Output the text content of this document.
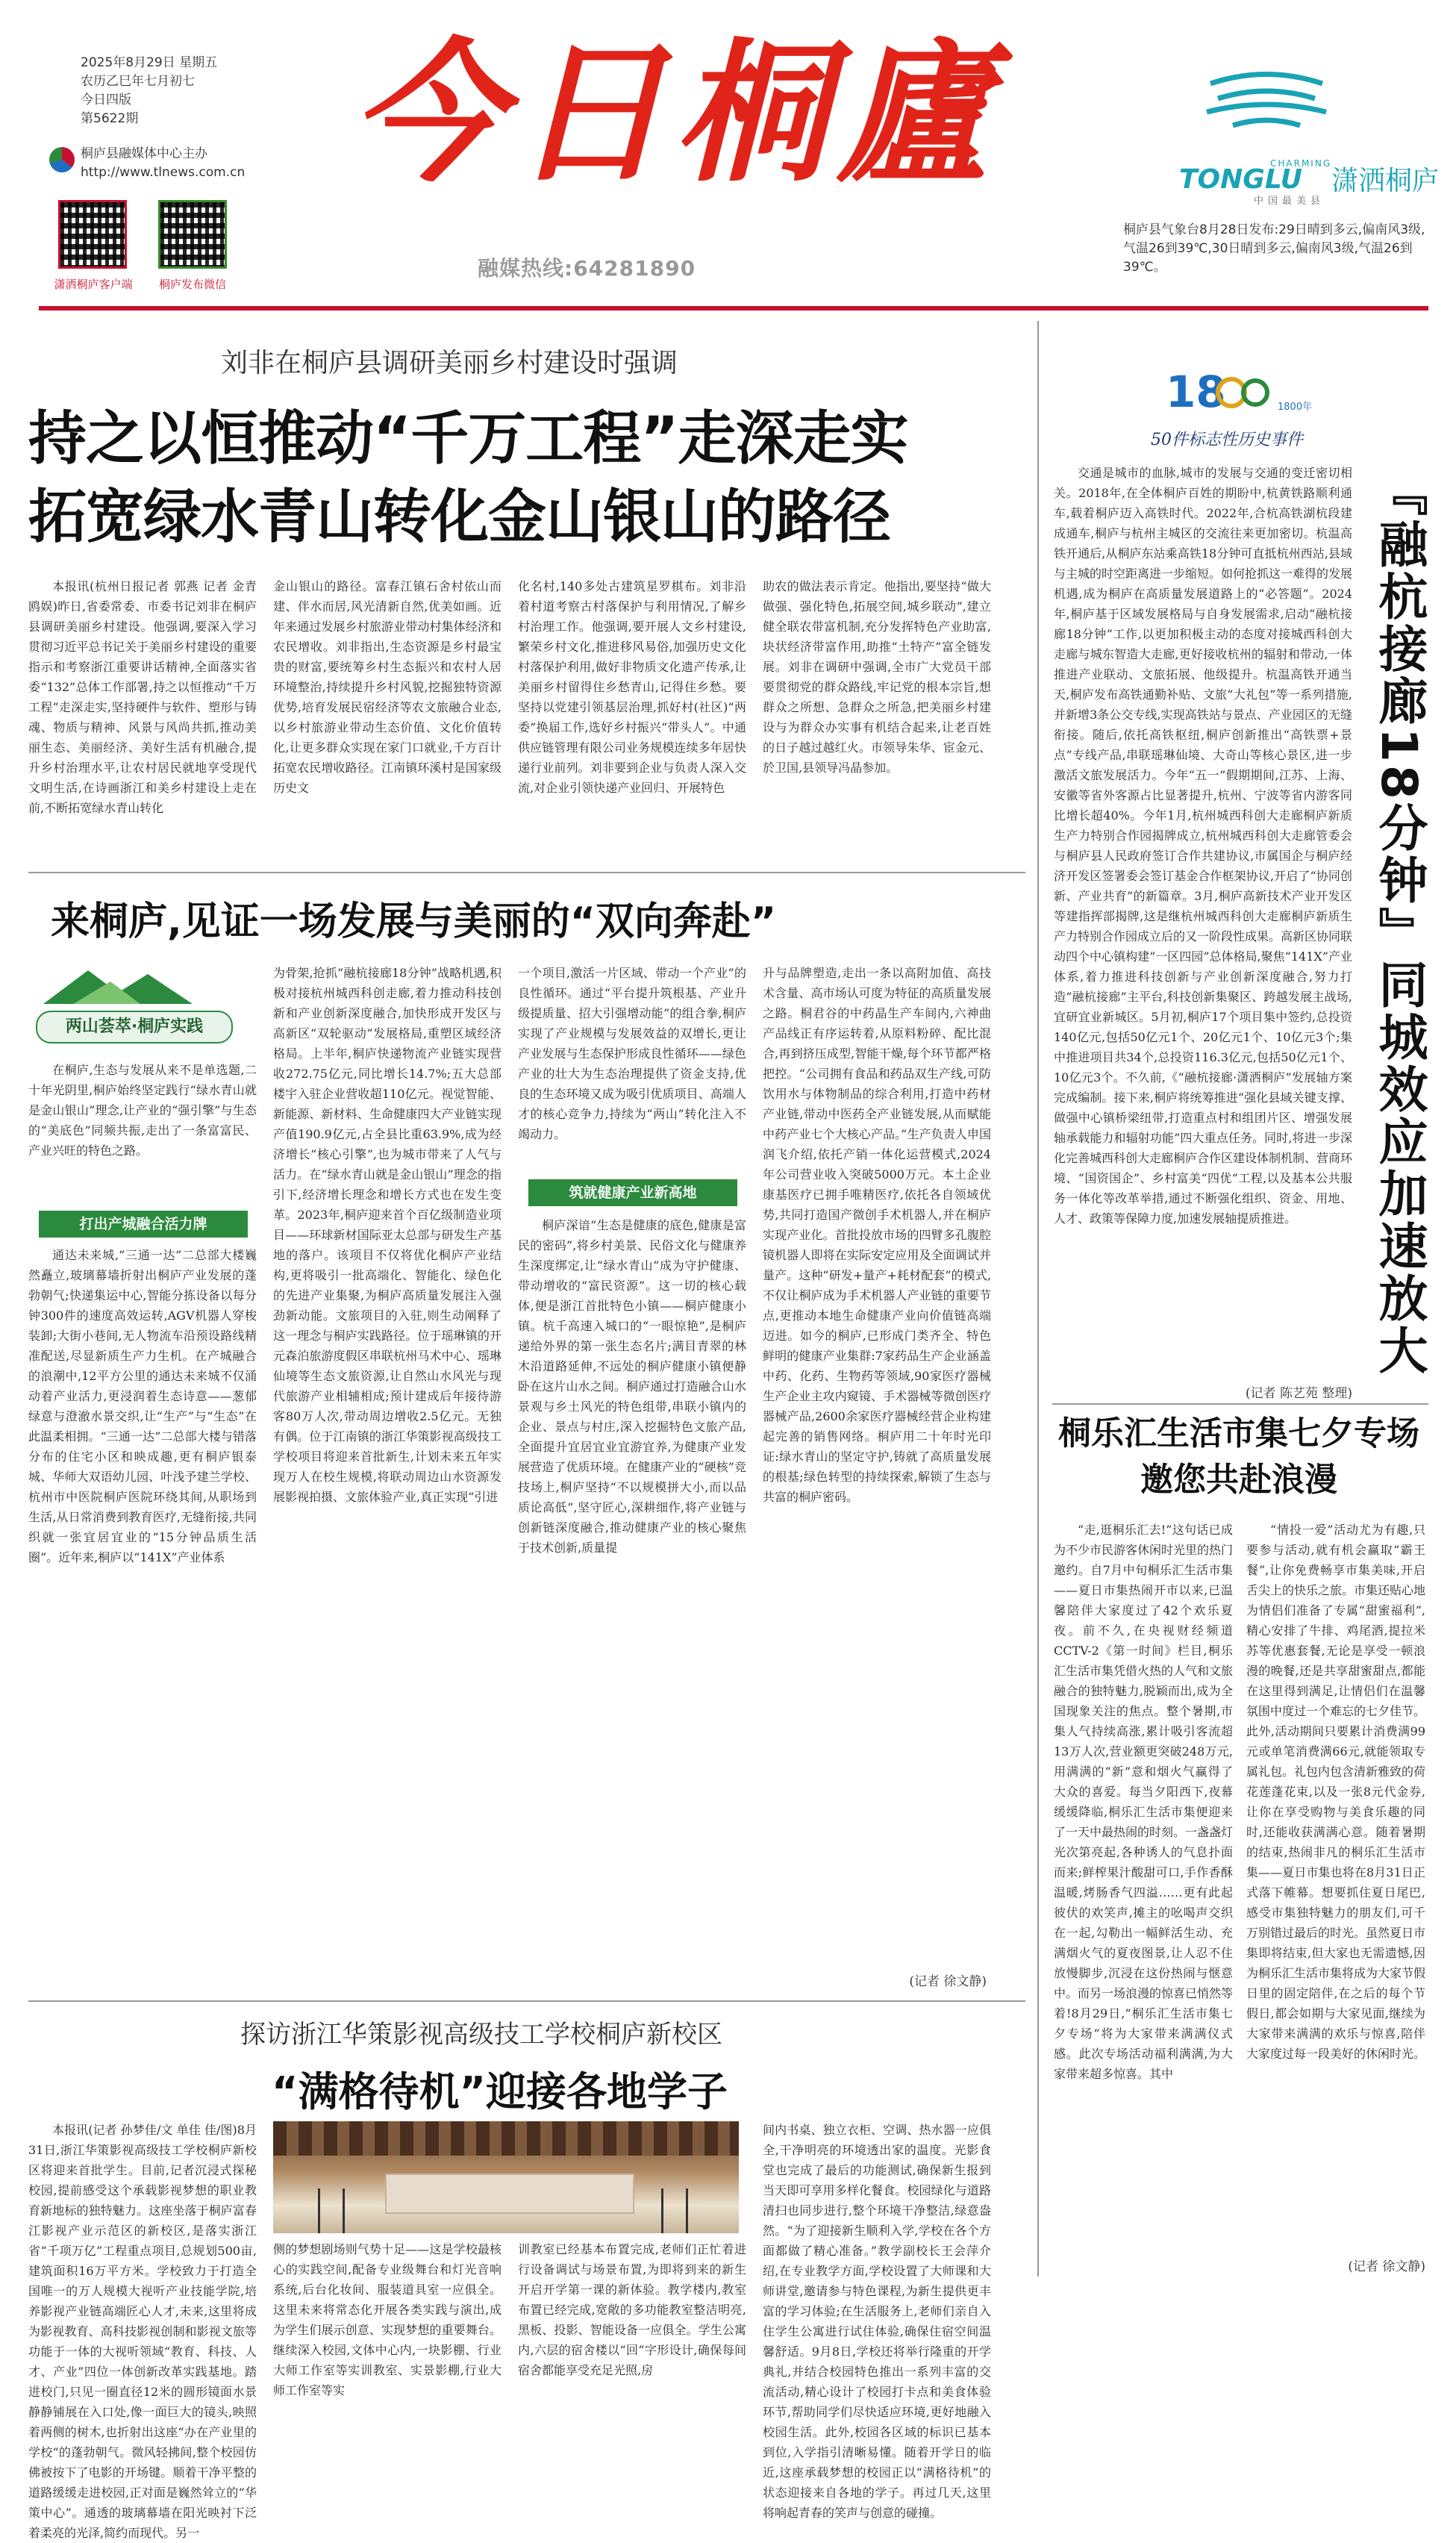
2025年8月29日 星期五
农历乙巳年七月初七
今日四版
第5622期
桐庐县融媒体中心主办
http://www.tlnews.com.cn
潇洒桐庐客户端	桐庐发布微信
今日桐廬
融媒热线:64281890
CHARMING
TONGLU 潇洒桐庐
中国最美县
桐庐县气象台8月28日发布:29日晴到多云,偏南风3级,气温26到39℃,30日晴到多云,偏南风3级,气温26到39℃。
刘非在桐庐县调研美丽乡村建设时强调
持之以恒推动“千万工程”走深走实
拓宽绿水青山转化金山银山的路径
本报讯(杭州日报记者 郭燕 记者 金青鸥娱)昨日,省委常委、市委书记刘非在桐庐县调研美丽乡村建设。他强调,要深入学习贯彻习近平总书记关于美丽乡村建设的重要指示和考察浙江重要讲话精神,全面落实省委“132”总体工作部署,持之以恒推动“千万工程”走深走实,坚持硬件与软件、塑形与铸魂、物质与精神、风景与风尚共抓,推动美丽生态、美丽经济、美好生活有机融合,提升乡村治理水平,让农村居民就地享受现代文明生活,在诗画浙江和美乡村建设上走在前,不断拓宽绿水青山转化
金山银山的路径。富春江镇石舍村依山而建、伴水而居,风光清新自然,优美如画。近年来通过发展乡村旅游业带动村集体经济和农民增收。刘非指出,生态资源是乡村最宝贵的财富,要统筹乡村生态振兴和农村人居环境整治,持续提升乡村风貌,挖掘独特资源优势,培育发展民宿经济等农文旅融合业态,以乡村旅游业带动生态价值、文化价值转化,让更多群众实现在家门口就业,千方百计拓宽农民增收路径。江南镇环溪村是国家级历史文
化名村,140多处古建筑星罗棋布。刘非沿着村道考察古村落保护与利用情况,了解乡村治理工作。他强调,要开展人文乡村建设,繁荣乡村文化,推进移风易俗,加强历史文化村落保护利用,做好非物质文化遗产传承,让美丽乡村留得住乡愁青山,记得住乡愁。要坚持以党建引领基层治理,抓好村(社区)“两委”换届工作,选好乡村振兴“带头人”。中通供应链管理有限公司业务规模连续多年居快递行业前列。刘非要到企业与负责人深入交流,对企业引领快递产业回归、开展特色
助农的做法表示肯定。他指出,要坚持“做大做强、强化特色,拓展空间,城乡联动”,建立健全联农带富机制,充分发挥特色产业助富,块状经济带富作用,助推“土特产”富全链发展。刘非在调研中强调,全市广大党员干部要贯彻党的群众路线,牢记党的根本宗旨,想群众之所想、急群众之所急,把美丽乡村建设与为群众办实事有机结合起来,让老百姓的日子越过越红火。市领导朱华、宦金元、於卫国,县领导冯晶参加。
来桐庐,见证一场发展与美丽的“双向奔赴”
两山荟萃·桐庐实践
在桐庐,生态与发展从来不是单选题,二十年光阴里,桐庐始终坚定践行“绿水青山就是金山银山”理念,让产业的“强引擎”与生态的“美底色”同频共振,走出了一条富富民、产业兴旺的特色之路。
打出产城融合活力牌
通达未来城,“三通一达”二总部大楼巍然矗立,玻璃幕墙折射出桐庐产业发展的蓬勃朝气;快递集运中心,智能分拣设备以每分钟300件的速度高效运转,AGV机器人穿梭装卸;大街小巷间,无人物流车沿预设路线精准配送,尽显新质生产力生机。在产城融合的浪潮中,12平方公里的通达未来城不仅涌动着产业活力,更浸润着生态诗意——葱郁绿意与澄澈水景交织,让“生产”与“生态”在此温柔相拥。“三通一达”二总部大楼与错落分布的住宅小区和映成趣,更有桐庐银泰城、华师大双语幼儿园、叶浅予建兰学校、杭州市中医院桐庐医院环绕其间,从职场到生活,从日常消费到教育医疗,无缝衔接,共同织就一张宜居宜业的“15分钟品质生活圈”。近年来,桐庐以“141X”产业体系
为骨架,抢抓“融杭接廊18分钟”战略机遇,积极对接杭州城西科创走廊,着力推动科技创新和产业创新深度融合,加快形成开发区与高新区“双轮驱动”发展格局,重塑区域经济格局。上半年,桐庐快递物流产业链实现营收272.75亿元,同比增长14.7%;五大总部楼宇入驻企业营收超110亿元。视觉智能、新能源、新材料、生命健康四大产业链实现产值190.9亿元,占全县比重63.9%,成为经济增长“核心引擎”,也为城市带来了人气与活力。在“绿水青山就是金山银山”理念的指引下,经济增长理念和增长方式也在发生变革。2023年,桐庐迎来首个百亿级制造业项目——环球新材国际亚太总部与研发生产基地的落户。该项目不仅将优化桐庐产业结构,更将吸引一批高端化、智能化、绿色化的先进产业集聚,为桐庐高质量发展注入强劲新动能。文旅项目的入驻,则生动阐释了这一理念与桐庐实践路径。位于瑶琳镇的开元森泊旅游度假区串联杭州马术中心、瑶琳仙境等生态文旅资源,让自然山水风光与现代旅游产业相辅相成;预计建成后年接待游客80万人次,带动周边增收2.5亿元。无独有偶。位于江南镇的浙江华策影视高级技工学校项目将迎来首批新生,计划未来五年实现万人在校生规模,将联动周边山水资源发展影视拍摄、文旅体验产业,真正实现“引进
一个项目,激活一片区域、带动一个产业”的良性循环。通过“平台提升筑根基、产业升级提质量、招大引强增动能”的组合拳,桐庐实现了产业规模与发展效益的双增长,更让产业发展与生态保护形成良性循环——绿色产业的壮大为生态治理提供了资金支持,优良的生态环境又成为吸引优质项目、高端人才的核心竞争力,持续为“两山”转化注入不竭动力。
筑就健康产业新高地
桐庐深谙“生态是健康的底色,健康是富民的密码”,将乡村美景、民俗文化与健康养生深度绑定,让“绿水青山”成为守护健康、带动增收的“富民资源”。这一切的核心载体,便是浙江首批特色小镇——桐庐健康小镇。杭千高速入城口的“一眼惊艳”,是桐庐递给外界的第一张生态名片;满目青翠的林木沿道路延伸,不远处的桐庐健康小镇便静卧在这片山水之间。桐庐通过打造融合山水景观与乡土风光的特色组带,串联小镇内的企业、景点与村庄,深入挖掘特色文旅产品,全面提升宜居宜业宜游宜养,为健康产业发展营造了优质环境。在健康产业的“硬核”竞技场上,桐庐坚持“不以规模拼大小,而以品质论高低”,坚守匠心,深耕细作,将产业链与创新链深度融合,推动健康产业的核心聚焦于技术创新,质量提
升与品牌塑造,走出一条以高附加值、高技术含量、高市场认可度为特征的高质量发展之路。桐君谷的中药晶生产车间内,六神曲产品线正有序运转着,从原料粉碎、配比混合,再到挤压成型,智能干燥,每个环节都严格把控。“公司拥有食品和药品双生产线,可防饮用水与体物制品的综合利用,打造中药材产业链,带动中医药全产业链发展,从而赋能中药产业七个大核心产品。”生产负责人申国润飞介绍,依托产销一体化运营模式,2024年公司营业收入突破5000万元。本土企业康基医疗已拥手唯精医疗,依托各自领域优势,共同打造国产微创手术机器人,并在桐庐实现产业化。首批投放市场的四臂多孔腹腔镜机器人即将在实际安定应用及全面调试并量产。这种“研发+量产+耗材配套”的模式,不仅让桐庐成为手术机器人产业链的重要节点,更推动本地生命健康产业向价值链高端迈进。如今的桐庐,已形成门类齐全、特色鲜明的健康产业集群:7家药品生产企业涵盖中药、化药、生物药等领域,90家医疗器械生产企业主攻内窥镜、手术器械等微创医疗器械产品,2600余家医疗器械经营企业构建起完善的销售网络。桐庐用二十年时光印证:绿水青山的坚定守护,铸就了高质量发展的根基;绿色转型的持续探索,解锁了生态与共富的桐庐密码。
(记者 徐文静)
探访浙江华策影视高级技工学校桐庐新校区
“满格待机”迎接各地学子
本报讯(记者 孙梦佳/文 单佳 佳/图)8月31日,浙江华策影视高级技工学校桐庐新校区将迎来首批学生。目前,记者沉浸式探秘校园,提前感受这个承载影视梦想的职业教育新地标的独特魅力。这座坐落于桐庐富春江影视产业示范区的新校区,是落实浙江省“千项万亿”工程重点项目,总规划500亩,建筑面积16万平方米。学校致力于打造全国唯一的万人规模大视听产业技能学院,培养影视产业链高端匠心人才,未来,这里将成为影视教育、高科技影视创制和影视文旅等功能于一体的大视听领域“教育、科技、人才、产业”四位一体创新改革实践基地。踏进校门,只见一圈直径12米的圆形镜面水景静静铺展在入口处,像一面巨大的镜头,映照着两侧的树木,也折射出这座“办在产业里的学校”的蓬勃朝气。微风轻拂间,整个校园仿佛被按下了电影的开场键。顺着干净平整的道路缓缓走进校园,正对面是巍然耸立的“华策中心”。通透的玻璃幕墙在阳光映衬下泛着柔亮的光泽,简约而现代。另一
侧的梦想剧场则气势十足——这是学校最核心的实践空间,配备专业级舞台和灯光音响系统,后台化妆间、服装道具室一应俱全。这里未来将常态化开展各类实践与演出,成为学生们展示创意、实现梦想的重要舞台。继续深入校园,文体中心内,一块影棚、行业大师工作室等实训教室、实景影棚,行业大师工作室等实
训教室已经基本布置完成,老师们正忙着进行设备调试与场景布置,为即将到来的新生开启开学第一课的新体验。教学楼内,教室布置已经完成,宽敞的多功能教室整洁明亮,黑板、投影、智能设备一应俱全。学生公寓内,六层的宿舍楼以“回”字形设计,确保每间宿舍都能享受充足光照,房
间内书桌、独立衣柜、空调、热水器一应俱全,干净明亮的环境透出家的温度。光影食堂也完成了最后的功能测试,确保新生报到当天即可享用多样化餐食。校园绿化与道路清扫也同步进行,整个环境干净整洁,绿意盎然。“为了迎接新生顺利入学,学校在各个方面都做了精心准备。”教学副校长王会萍介绍,在专业教学方面,学校设置了大师课和大师讲堂,邀请参与特色课程,为新生提供更丰富的学习体验;在生活服务上,老师们亲自入住学生公寓进行试住体验,确保住宿空间温馨舒适。9月8日,学校还将举行隆重的开学典礼,并结合校园特色推出一系列丰富的交流活动,精心设计了校园打卡点和美食体验环节,帮助同学们尽快适应环境,更好地融入校园生活。此外,校园各区域的标识已基本到位,入学指引清晰易懂。随着开学日的临近,这座承载梦想的校园正以“满格待机”的状态迎接来自各地的学子。再过几天,这里将响起青春的笑声与创意的碰撞。
18	1800年
50件标志性历史事件
交通是城市的血脉,城市的发展与交通的变迁密切相关。2018年,在全体桐庐百姓的期盼中,杭黄铁路顺利通车,载着桐庐迈入高铁时代。2022年,合杭高铁湖杭段建成通车,桐庐与杭州主城区的交流往来更加密切。杭温高铁开通后,从桐庐东站乘高铁18分钟可直抵杭州西站,县域与主城的时空距离进一步缩短。如何抢抓这一难得的发展机遇,成为桐庐在高质量发展道路上的“必答题”。2024年,桐庐基于区域发展格局与自身发展需求,启动“融杭接廊18分钟”工作,以更加积极主动的态度对接城西科创大走廊与城东智造大走廊,更好接收杭州的辐射和带动,一体推进产业联动、文旅拓展、他级提升。杭温高铁开通当天,桐庐发布高铁通勤补贴、文旅“大礼包”等一系列措施,并新增3条公交专线,实现高铁站与景点、产业园区的无缝衔接。随后,依托高铁枢纽,桐庐创新推出“高铁票+景点”专线产品,串联瑶琳仙境、大奇山等核心景区,进一步激活文旅发展活力。今年“五一”假期期间,江苏、上海、安徽等省外客源占比显著提升,杭州、宁波等省内游客同比增长超40%。今年1月,杭州城西科创大走廊桐庐新质生产力特别合作园揭牌成立,杭州城西科创大走廊管委会与桐庐县人民政府签订合作共建协议,市属国企与桐庐经济开发区签署委会签订基金合作框架协议,开启了“协同创新、产业共育”的新篇章。3月,桐庐高新技术产业开发区等建指挥部揭牌,这是继杭州城西科创大走廊桐庐新质生产力特别合作园成立后的又一阶段性成果。高新区协同联动四个中心镇构建“一区四园”总体格局,聚焦“141X”产业体系,着力推进科技创新与产业创新深度融合,努力打造“融杭接廊”主平台,科技创新集聚区、跨越发展主战场,宜研宜业新城区。5月初,桐庐17个项目集中签约,总投资140亿元,包括50亿元1个、20亿元1个、10亿元3个;集中推进项目共34个,总投资116.3亿元,包括50亿元1个、10亿元3个。不久前,《“融杭接廊·潇洒桐庐”发展轴方案完成编制。接下来,桐庐将统筹推进“强化县域关键支撑、做强中心镇桥梁纽带,打造重点村和组团片区、增强发展轴承载能力和辐射功能”四大重点任务。同时,将进一步深化完善城西科创大走廊桐庐合作区建设体制机制、营商环境、“国资国企”、乡村富美“四优”工程,以及基本公共服务一体化等改革举措,通过不断强化组织、资金、用地、人才、政策等保障力度,加速发展轴提质推进。	『融杭接廊18分钟』同城效应加速放大
(记者 陈艺苑 整理)
桐乐汇生活市集七夕专场
邀您共赴浪漫
“走,逛桐乐汇去!”这句话已成为不少市民游客休闲时光里的热门邀约。自7月中旬桐乐汇生活市集——夏日市集热闹开市以来,已温馨陪伴大家度过了42个欢乐夏夜。前不久,在央视财经频道CCTV-2《第一时间》栏目,桐乐汇生活市集凭借火热的人气和文旅融合的独特魅力,脱颖而出,成为全国现象关注的焦点。整个暑期,市集人气持续高涨,累计吸引客流超13万人次,营业额更突破248万元,用满满的“新”意和烟火气赢得了大众的喜爱。每当夕阳西下,夜幕缓缓降临,桐乐汇生活市集便迎来了一天中最热闹的时刻。一盏盏灯光次第亮起,各种诱人的气息扑面而来;鲜榨果汁酸甜可口,手作香酥温暖,烤肠香气四溢……更有此起彼伏的欢笑声,摊主的吆喝声交织在一起,勾勒出一幅鲜活生动、充满烟火气的夏夜图景,让人忍不住放慢脚步,沉浸在这份热闹与惬意中。而另一场浪漫的惊喜已悄然等着!8月29日,“桐乐汇生活市集七夕专场”将为大家带来满满仪式感。此次专场活动福利满满,为大家带来超多惊喜。其中
“情投一爱”活动尤为有趣,只要参与活动,就有机会赢取“霸王餐”,让你免费畅享市集美味,开启舌尖上的快乐之旅。市集还贴心地为情侣们准备了专属“甜蜜福利”,精心安排了牛排、鸡尾酒,提拉米苏等优惠套餐,无论是享受一顿浪漫的晚餐,还是共享甜蜜甜点,都能在这里得到满足,让情侣们在温馨氛围中度过一个难忘的七夕佳节。此外,活动期间只要累计消费满99元或单笔消费满66元,就能领取专属礼包。礼包内包含清新雅致的荷花莲蓬花束,以及一张8元代金券,让你在享受购物与美食乐趣的同时,还能收获满满心意。随着暑期的结束,热闹非凡的桐乐汇生活市集——夏日市集也将在8月31日正式落下帷幕。想要抓住夏日尾巴,感受市集独特魅力的朋友们,可千万别错过最后的时光。虽然夏日市集即将结束,但大家也无需遗憾,因为桐乐汇生活市集将成为大家节假日里的固定陪伴,在之后的每个节假日,都会如期与大家见面,继续为大家带来满满的欢乐与惊喜,陪伴大家度过每一段美好的休闲时光。
(记者 徐文静)
